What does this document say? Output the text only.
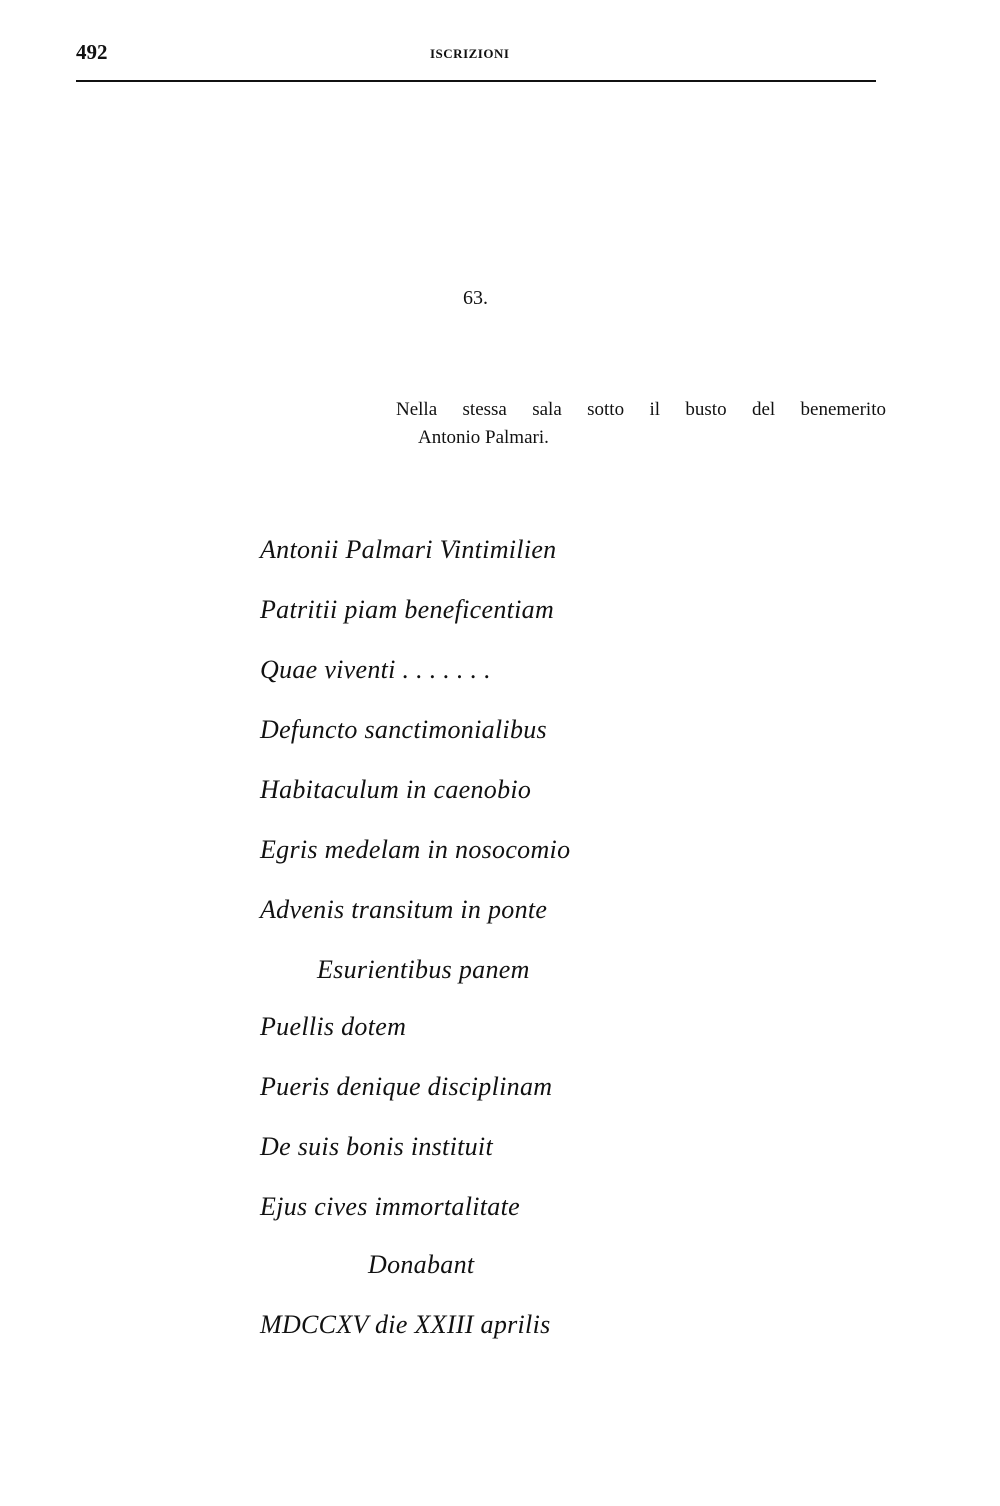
492	ISCRIZIONI
63.
Nella stessa sala sotto il busto del benemerito
Antonio Palmari.
Antonii Palmari Vintimilien
Patritii piam beneficentiam
Quae viventi . . . . . . .
Defuncto sanctimonialibus
Habitaculum in caenobio
Egris medelam in nosocomio
Advenis transitum in ponte
Esurientibus panem
Puellis dotem
Pueris denique disciplinam
De suis bonis instituit
Ejus cives immortalitate
Donabant
MDCCXV die XXIII aprilis
